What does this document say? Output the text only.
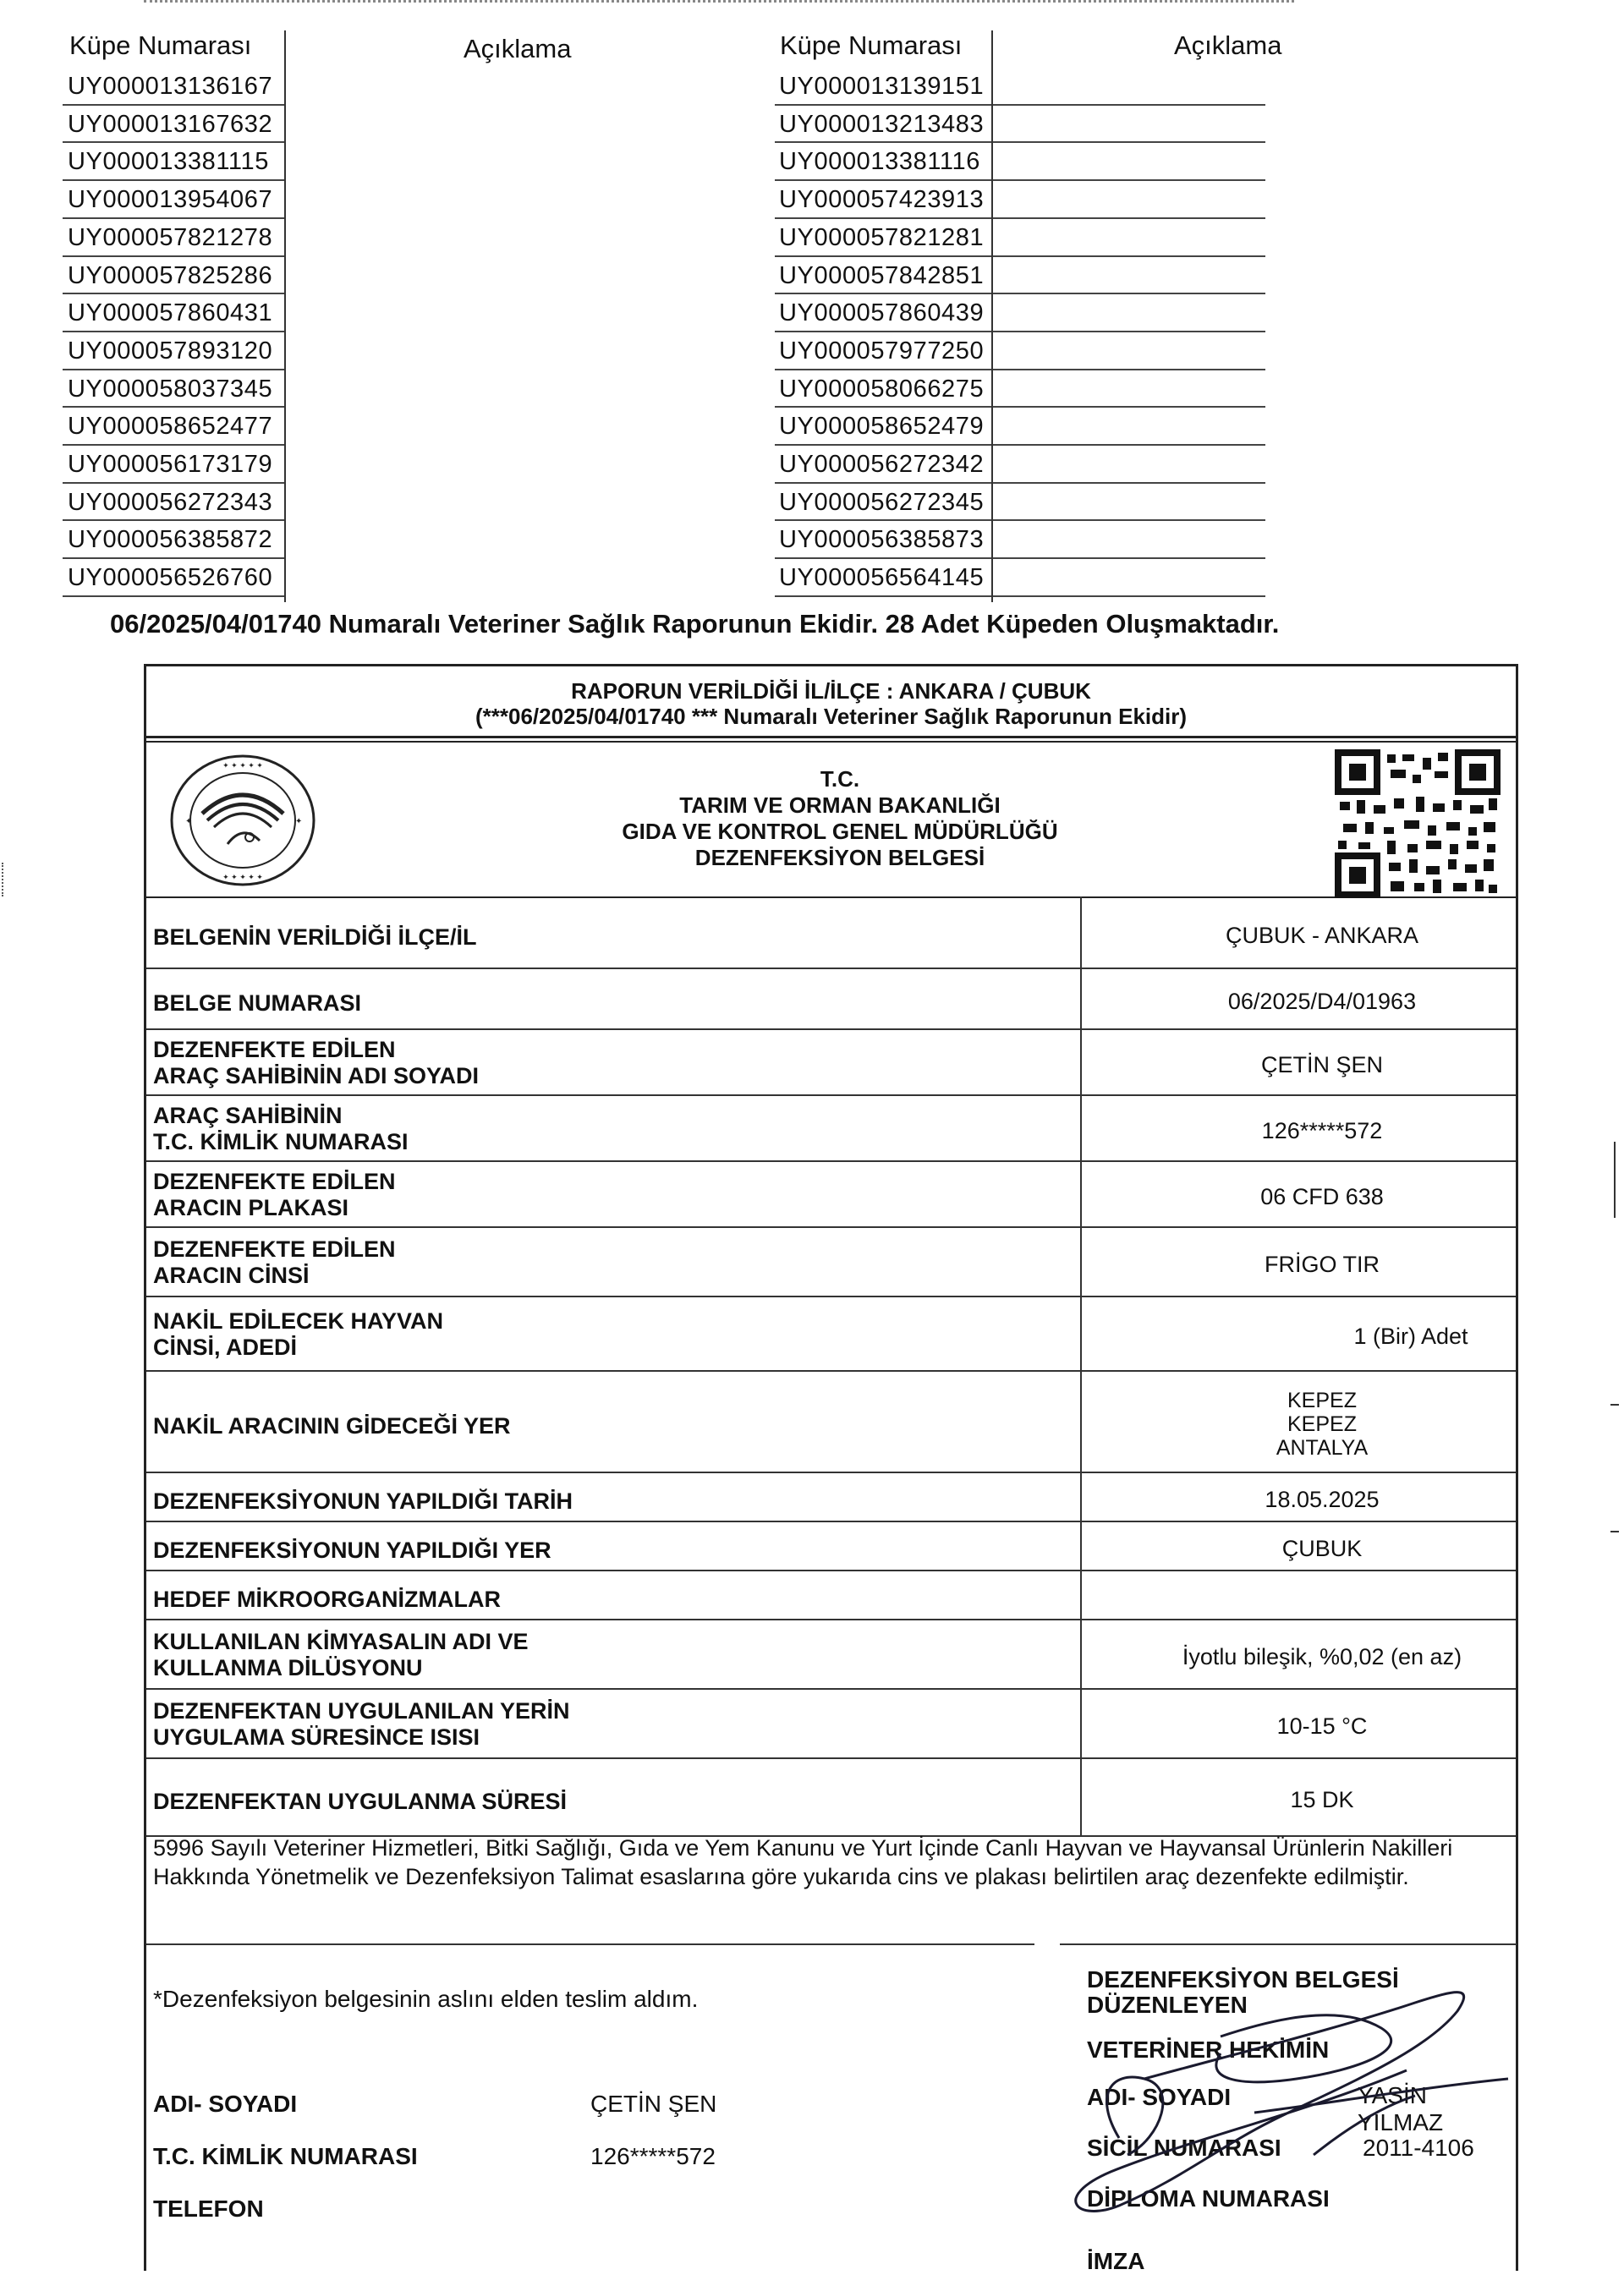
Küpe Numarası	Açıklama	Küpe Numarası	Açıklama
UY000013136167	UY000013139151
UY000013167632	UY000013213483
UY000013381115	UY000013381116
UY000013954067	UY000057423913
UY000057821278	UY000057821281
UY000057825286	UY000057842851
UY000057860431	UY000057860439
UY000057893120	UY000057977250
UY000058037345	UY000058066275
UY000058652477	UY000058652479
UY000056173179	UY000056272342
UY000056272343	UY000056272345
UY000056385872	UY000056385873
UY000056526760	UY000056564145
06/2025/04/01740 Numaralı Veteriner Sağlık Raporunun Ekidir. 28 Adet Küpeden Oluşmaktadır.
RAPORUN VERİLDİĞİ İL/İLÇE : ANKARA / ÇUBUK
(***06/2025/04/01740 *** Numaralı Veteriner Sağlık Raporunun Ekidir)
✦ ✦ ✦ ✦ ✦
✦	✦
✦ ✦ ✦ ✦ ✦
T.C.
TARIM VE ORMAN BAKANLIĞI
GIDA VE KONTROL GENEL MÜDÜRLÜĞÜ
DEZENFEKSİYON BELGESİ
BELGENİN VERİLDİĞİ İLÇE/İL	ÇUBUK - ANKARA
BELGE NUMARASI	06/2025/D4/01963
DEZENFEKTE EDİLEN
ARAÇ SAHİBİNİN ADI SOYADI	ÇETİN ŞEN
ARAÇ SAHİBİNİN
T.C. KİMLİK NUMARASI	126*****572
DEZENFEKTE EDİLEN
ARACIN PLAKASI	06 CFD 638
DEZENFEKTE EDİLEN
ARACIN CİNSİ	FRİGO TIR
NAKİL EDİLECEK HAYVAN
CİNSİ, ADEDİ	1 (Bir) Adet
NAKİL ARACININ GİDECEĞİ YER
KEPEZ
KEPEZ
ANTALYA
DEZENFEKSİYONUN YAPILDIĞI TARİH	18.05.2025
DEZENFEKSİYONUN YAPILDIĞI YER	ÇUBUK
HEDEF MİKROORGANİZMALAR
KULLANILAN KİMYASALIN ADI VE
KULLANMA DİLÜSYONU	İyotlu bileşik, %0,02 (en az)
DEZENFEKTAN UYGULANILAN YERİN
UYGULAMA SÜRESİNCE ISISI	10-15 °C
DEZENFEKTAN UYGULANMA SÜRESİ	15 DK
5996 Sayılı Veteriner Hizmetleri, Bitki Sağlığı, Gıda ve Yem Kanunu ve Yurt İçinde Canlı Hayvan ve Hayvansal Ürünlerin Nakilleri Hakkında Yönetmelik ve Dezenfeksiyon Talimat esaslarına göre yukarıda cins ve plakası belirtilen araç dezenfekte edilmiştir.
*Dezenfeksiyon belgesinin aslını elden teslim aldım.
ADI- SOYADI	ÇETİN ŞEN
T.C. KİMLİK NUMARASI	126*****572
TELEFON
DEZENFEKSİYON BELGESİ
DÜZENLEYEN
VETERİNER HEKİMİN
ADI- SOYADI	YASİN YILMAZ
SİCİL NUMARASI	2011-4106
DİPLOMA NUMARASI
İMZA
